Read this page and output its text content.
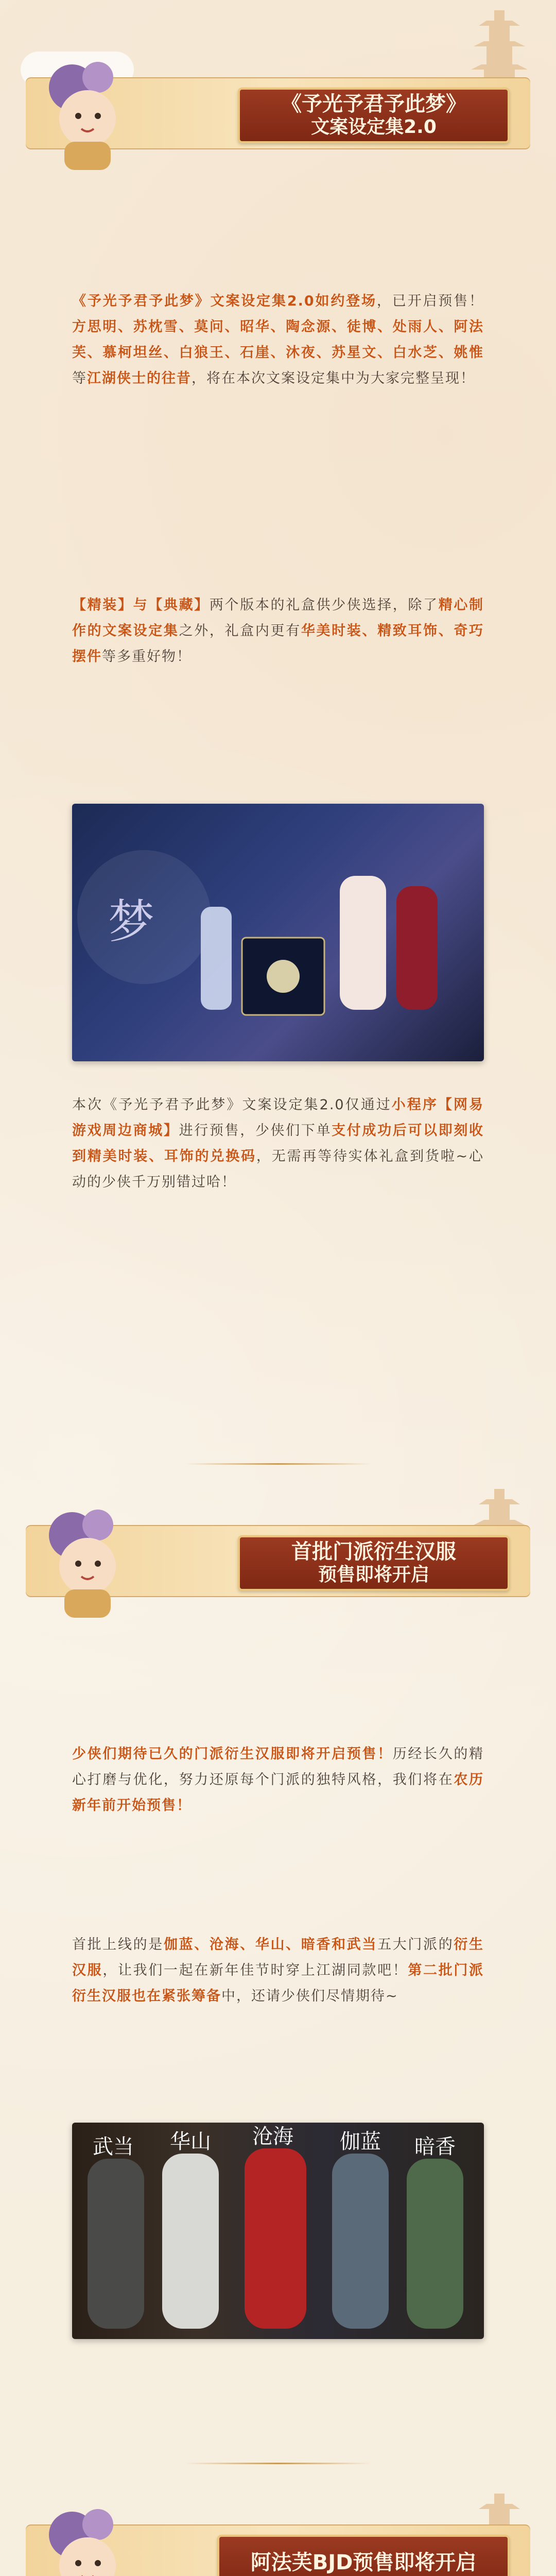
《予光予君予此梦》
文案设定集2.0

《予光予君予此梦》文案设定集2.0如约登场，已开启预售！方思明、苏枕雪、莫问、昭华、陶念源、徒博、处雨人、阿法芙、慕柯坦丝、白狼王、石崖、沐夜、苏星文、白水芝、姚惟等江湖侠士的往昔，将在本次文案设定集中为大家完整呈现！

【精装】与【典藏】两个版本的礼盒供少侠选择，除了精心制作的文案设定集之外，礼盒内更有华美时装、精致耳饰、奇巧摆件等多重好物！

梦

本次《予光予君予此梦》文案设定集2.0仅通过小程序【网易游戏周边商城】进行预售，少侠们下单支付成功后可以即刻收到精美时装、耳饰的兑换码，无需再等待实体礼盒到货啦~心动的少侠千万别错过哈！

首批门派衍生汉服
预售即将开启

少侠们期待已久的门派衍生汉服即将开启预售！历经长久的精心打磨与优化，努力还原每个门派的独特风格，我们将在农历新年前开始预售！

首批上线的是伽蓝、沧海、华山、暗香和武当五大门派的衍生汉服，让我们一起在新年佳节时穿上江湖同款吧！第二批门派衍生汉服也在紧张筹备中，还请少侠们尽情期待~

武当 华山 沧海 伽蓝 暗香
阿法芙BJD预售即将开启
